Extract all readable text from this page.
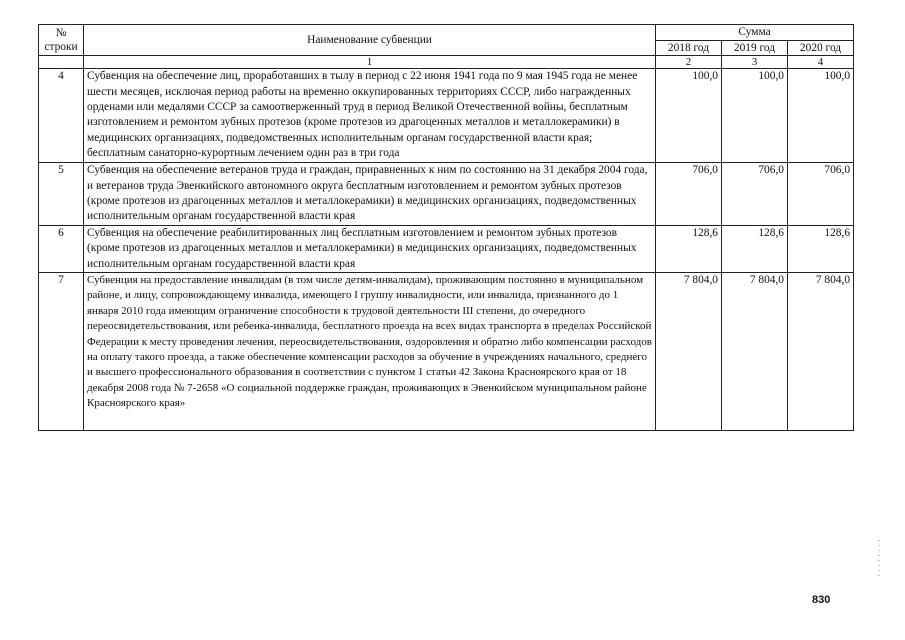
№ строки	Наименование субвенции	Сумма		
		2018 год	2019 год	2020 год
	1	2	3	4
4	Субвенция на обеспечение лиц, проработавших в тылу в период с 22 июня 1941 года по 9 мая 1945 года не менее шести месяцев, исключая период работы на временно оккупированных территориях СССР, либо награжденных орденами или медалями СССР за самоотверженный труд в период Великой Отечественной войны, бесплатным изготовлением и ремонтом зубных протезов (кроме протезов из драгоценных металлов и металлокерамики) в медицинских организациях, подведомственных исполнительным органам государственной власти края; бесплатным санаторно-курортным лечением один раз в три года	100,0	100,0	100,0
5	Субвенция на обеспечение ветеранов труда и граждан, приравненных к ним по состоянию на 31 декабря 2004 года, и ветеранов труда Эвенкийского автономного округа бесплатным изготовлением и ремонтом зубных протезов (кроме протезов из драгоценных металлов и металлокерамики) в медицинских организациях, подведомственных исполнительным органам государственной власти края	706,0	706,0	706,0
6	Субвенция на обеспечение реабилитированных лиц бесплатным изготовлением и ремонтом зубных протезов (кроме протезов из драгоценных металлов и металлокерамики) в медицинских организациях, подведомственных исполнительным органам государственной власти края	128,6	128,6	128,6
7	Субвенция на предоставление инвалидам (в том числе детям-инвалидам), проживающим постоянно в муниципальном районе, и лицу, сопровождающему инвалида, имеющего I группу инвалидности, или инвалида, признанного до 1 января 2010 года имеющим ограничение способности к трудовой деятельности III степени, до очередного переосвидетельствования, или ребенка-инвалида, бесплатного проезда на всех видах транспорта в пределах Российской Федерации к месту проведения лечения, переосвидетельствования, оздоровления и обратно либо компенсации расходов на оплату такого проезда, а также обеспечение компенсации расходов за обучение в учреждениях начального, среднего и высшего профессионального образования в соответствии с пунктом 1 статьи 42 Закона Красноярского края от 18 декабря 2008 года № 7-2658 «О социальной поддержке граждан, проживающих в Эвенкийском муниципальном районе Красноярского края»	7 804,0	7 804,0	7 804,0
830
